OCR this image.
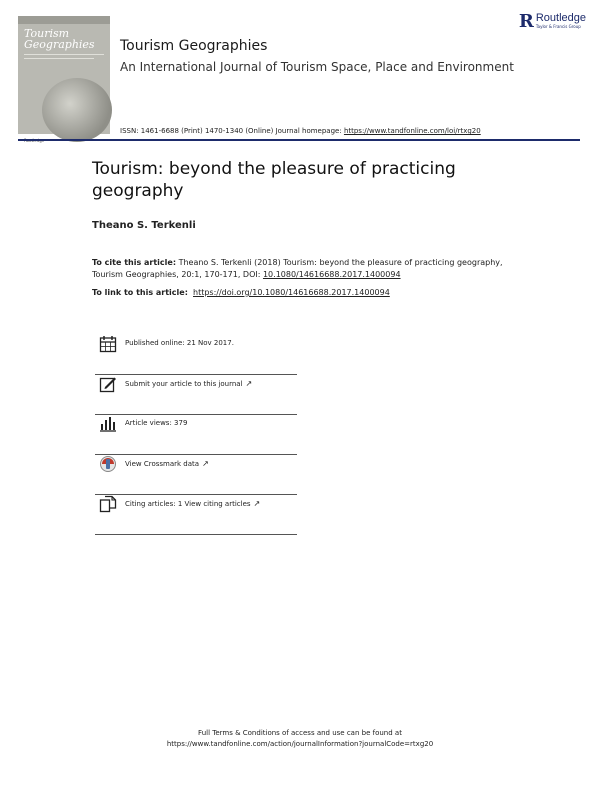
Tourism
Geographies
R Routledge
Taylor & Francis Group
Tourism Geographies
An International Journal of Tourism Space, Place and Environment
ISSN: 1461-6688 (Print) 1470-1340 (Online) Journal homepage: https://www.tandfonline.com/loi/rtxg20
Tourism: beyond the pleasure of practicing geography
Theano S. Terkenli
To cite this article: Theano S. Terkenli (2018) Tourism: beyond the pleasure of practicing geography, Tourism Geographies, 20:1, 170-171, DOI: 10.1080/14616688.2017.1400094
To link to this article: https://doi.org/10.1080/14616688.2017.1400094
Published online: 21 Nov 2017.
Submit your article to this journal ↗
Article views: 379
View Crossmark data ↗
Citing articles: 1 View citing articles ↗
Full Terms & Conditions of access and use can be found at
https://www.tandfonline.com/action/journalInformation?journalCode=rtxg20
